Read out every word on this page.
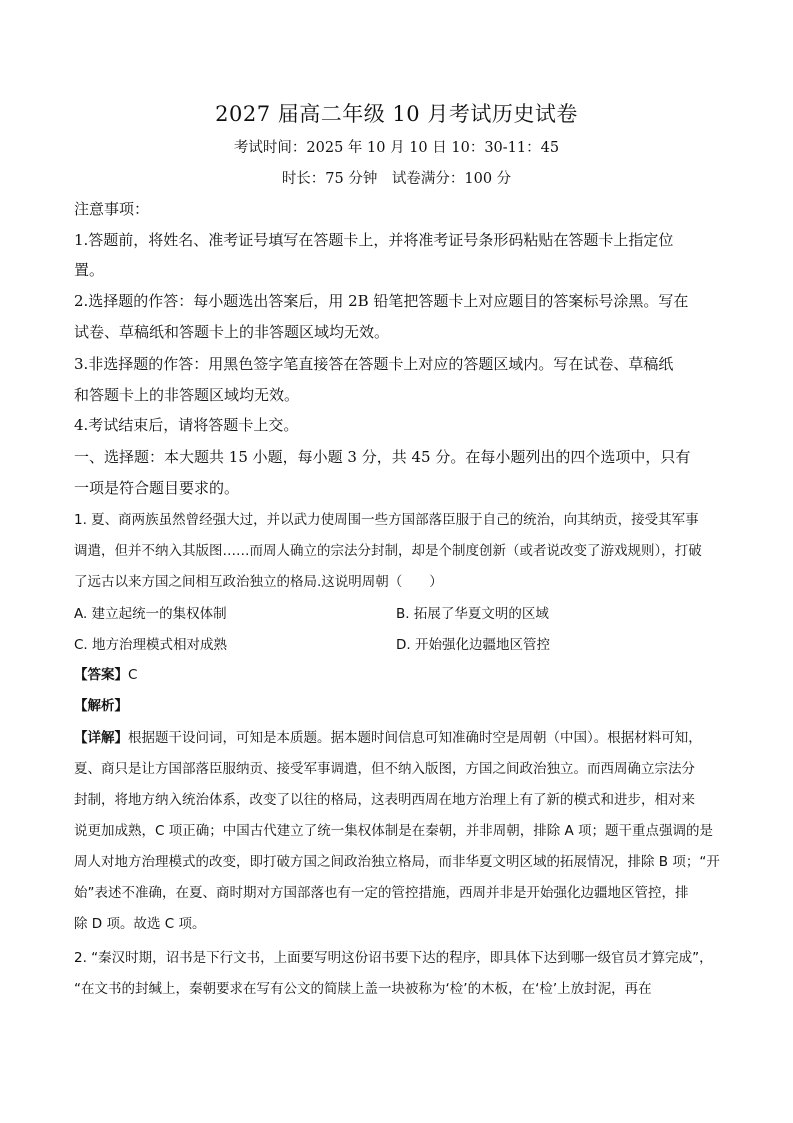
2027 届高二年级 10 月考试历史试卷
考试时间：2025 年 10 月 10 日 10：30-11：45
时长：75 分钟　试卷满分：100 分
注意事项：
1.答题前，将姓名、准考证号填写在答题卡上，并将准考证号条形码粘贴在答题卡上指定位
置。
2.选择题的作答：每小题选出答案后，用 2B 铅笔把答题卡上对应题目的答案标号涂黑。写在
试卷、草稿纸和答题卡上的非答题区域均无效。
3.非选择题的作答：用黑色签字笔直接答在答题卡上对应的答题区域内。写在试卷、草稿纸
和答题卡上的非答题区域均无效。
4.考试结束后，请将答题卡上交。
一、选择题：本大题共 15 小题，每小题 3 分，共 45 分。在每小题列出的四个选项中，只有
一项是符合题目要求的。
1. 夏、商两族虽然曾经强大过，并以武力使周围一些方国部落臣服于自己的统治，向其纳贡，接受其军事
调遣，但并不纳入其版图……而周人确立的宗法分封制，却是个制度创新（或者说改变了游戏规则），打破
了远古以来方国之间相互政治独立的格局.这说明周朝（　　）
A. 建立起统一的集权体制	B. 拓展了华夏文明的区域
C. 地方治理模式相对成熟	D. 开始强化边疆地区管控
【答案】C
【解析】
【详解】根据题干设问词，可知是本质题。据本题时间信息可知准确时空是周朝（中国）。根据材料可知，
夏、商只是让方国部落臣服纳贡、接受军事调遣，但不纳入版图，方国之间政治独立。而西周确立宗法分
封制，将地方纳入统治体系，改变了以往的格局，这表明西周在地方治理上有了新的模式和进步，相对来
说更加成熟，C 项正确；中国古代建立了统一集权体制是在秦朝，并非周朝，排除 A 项；题干重点强调的是
周人对地方治理模式的改变，即打破方国之间政治独立格局，而非华夏文明区域的拓展情况，排除 B 项；“开
始”表述不准确，在夏、商时期对方国部落也有一定的管控措施，西周并非是开始强化边疆地区管控，排
除 D 项。故选 C 项。
2. “秦汉时期，诏书是下行文书，上面要写明这份诏书要下达的程序，即具体下达到哪一级官员才算完成”，
“在文书的封缄上，秦朝要求在写有公文的简牍上盖一块被称为‘检’的木板，在‘检’上放封泥，再在
